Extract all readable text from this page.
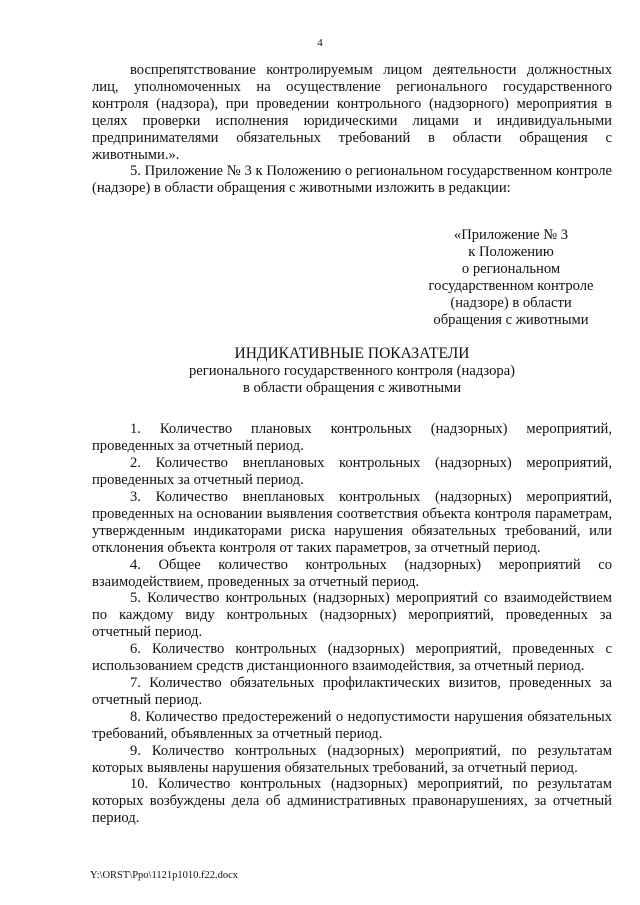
4

воспрепятствование контролируемым лицом деятельности должностных лиц, уполномоченных на осуществление регионального государственного контроля (надзора), при проведении контрольного (надзорного) мероприятия в целях проверки исполнения юридическими лицами и индивидуальными предпринимателями обязательных требований в области обращения с животными.».

5. Приложение № 3 к Положению о региональном государственном контроле (надзоре) в области обращения с животными изложить в редакции:

«Приложение № 3
к Положению
о региональном
государственном контроле
(надзоре) в области
обращения с животными
ИНДИКАТИВНЫЕ ПОКАЗАТЕЛИ
регионального государственного контроля (надзора)
в области обращения с животными

1. Количество плановых контрольных (надзорных) мероприятий, проведенных за отчетный период.

2. Количество внеплановых контрольных (надзорных) мероприятий, проведенных за отчетный период.

3. Количество внеплановых контрольных (надзорных) мероприятий, проведенных на основании выявления соответствия объекта контроля параметрам, утвержденным индикаторами риска нарушения обязательных требований, или отклонения объекта контроля от таких параметров, за отчетный период.

4. Общее количество контрольных (надзорных) мероприятий со взаимодействием, проведенных за отчетный период.

5. Количество контрольных (надзорных) мероприятий со взаимодействием по каждому виду контрольных (надзорных) мероприятий, проведенных за отчетный период.

6. Количество контрольных (надзорных) мероприятий, проведенных с использованием средств дистанционного взаимодействия, за отчетный период.

7. Количество обязательных профилактических визитов, проведенных за отчетный период.

8. Количество предостережений о недопустимости нарушения обязательных требований, объявленных за отчетный период.

9. Количество контрольных (надзорных) мероприятий, по результатам которых выявлены нарушения обязательных требований, за отчетный период.

10. Количество контрольных (надзорных) мероприятий, по результатам которых возбуждены дела об административных правонарушениях, за отчетный период.

Y:\ORST\Ppo\1121p1010.f22.docx
